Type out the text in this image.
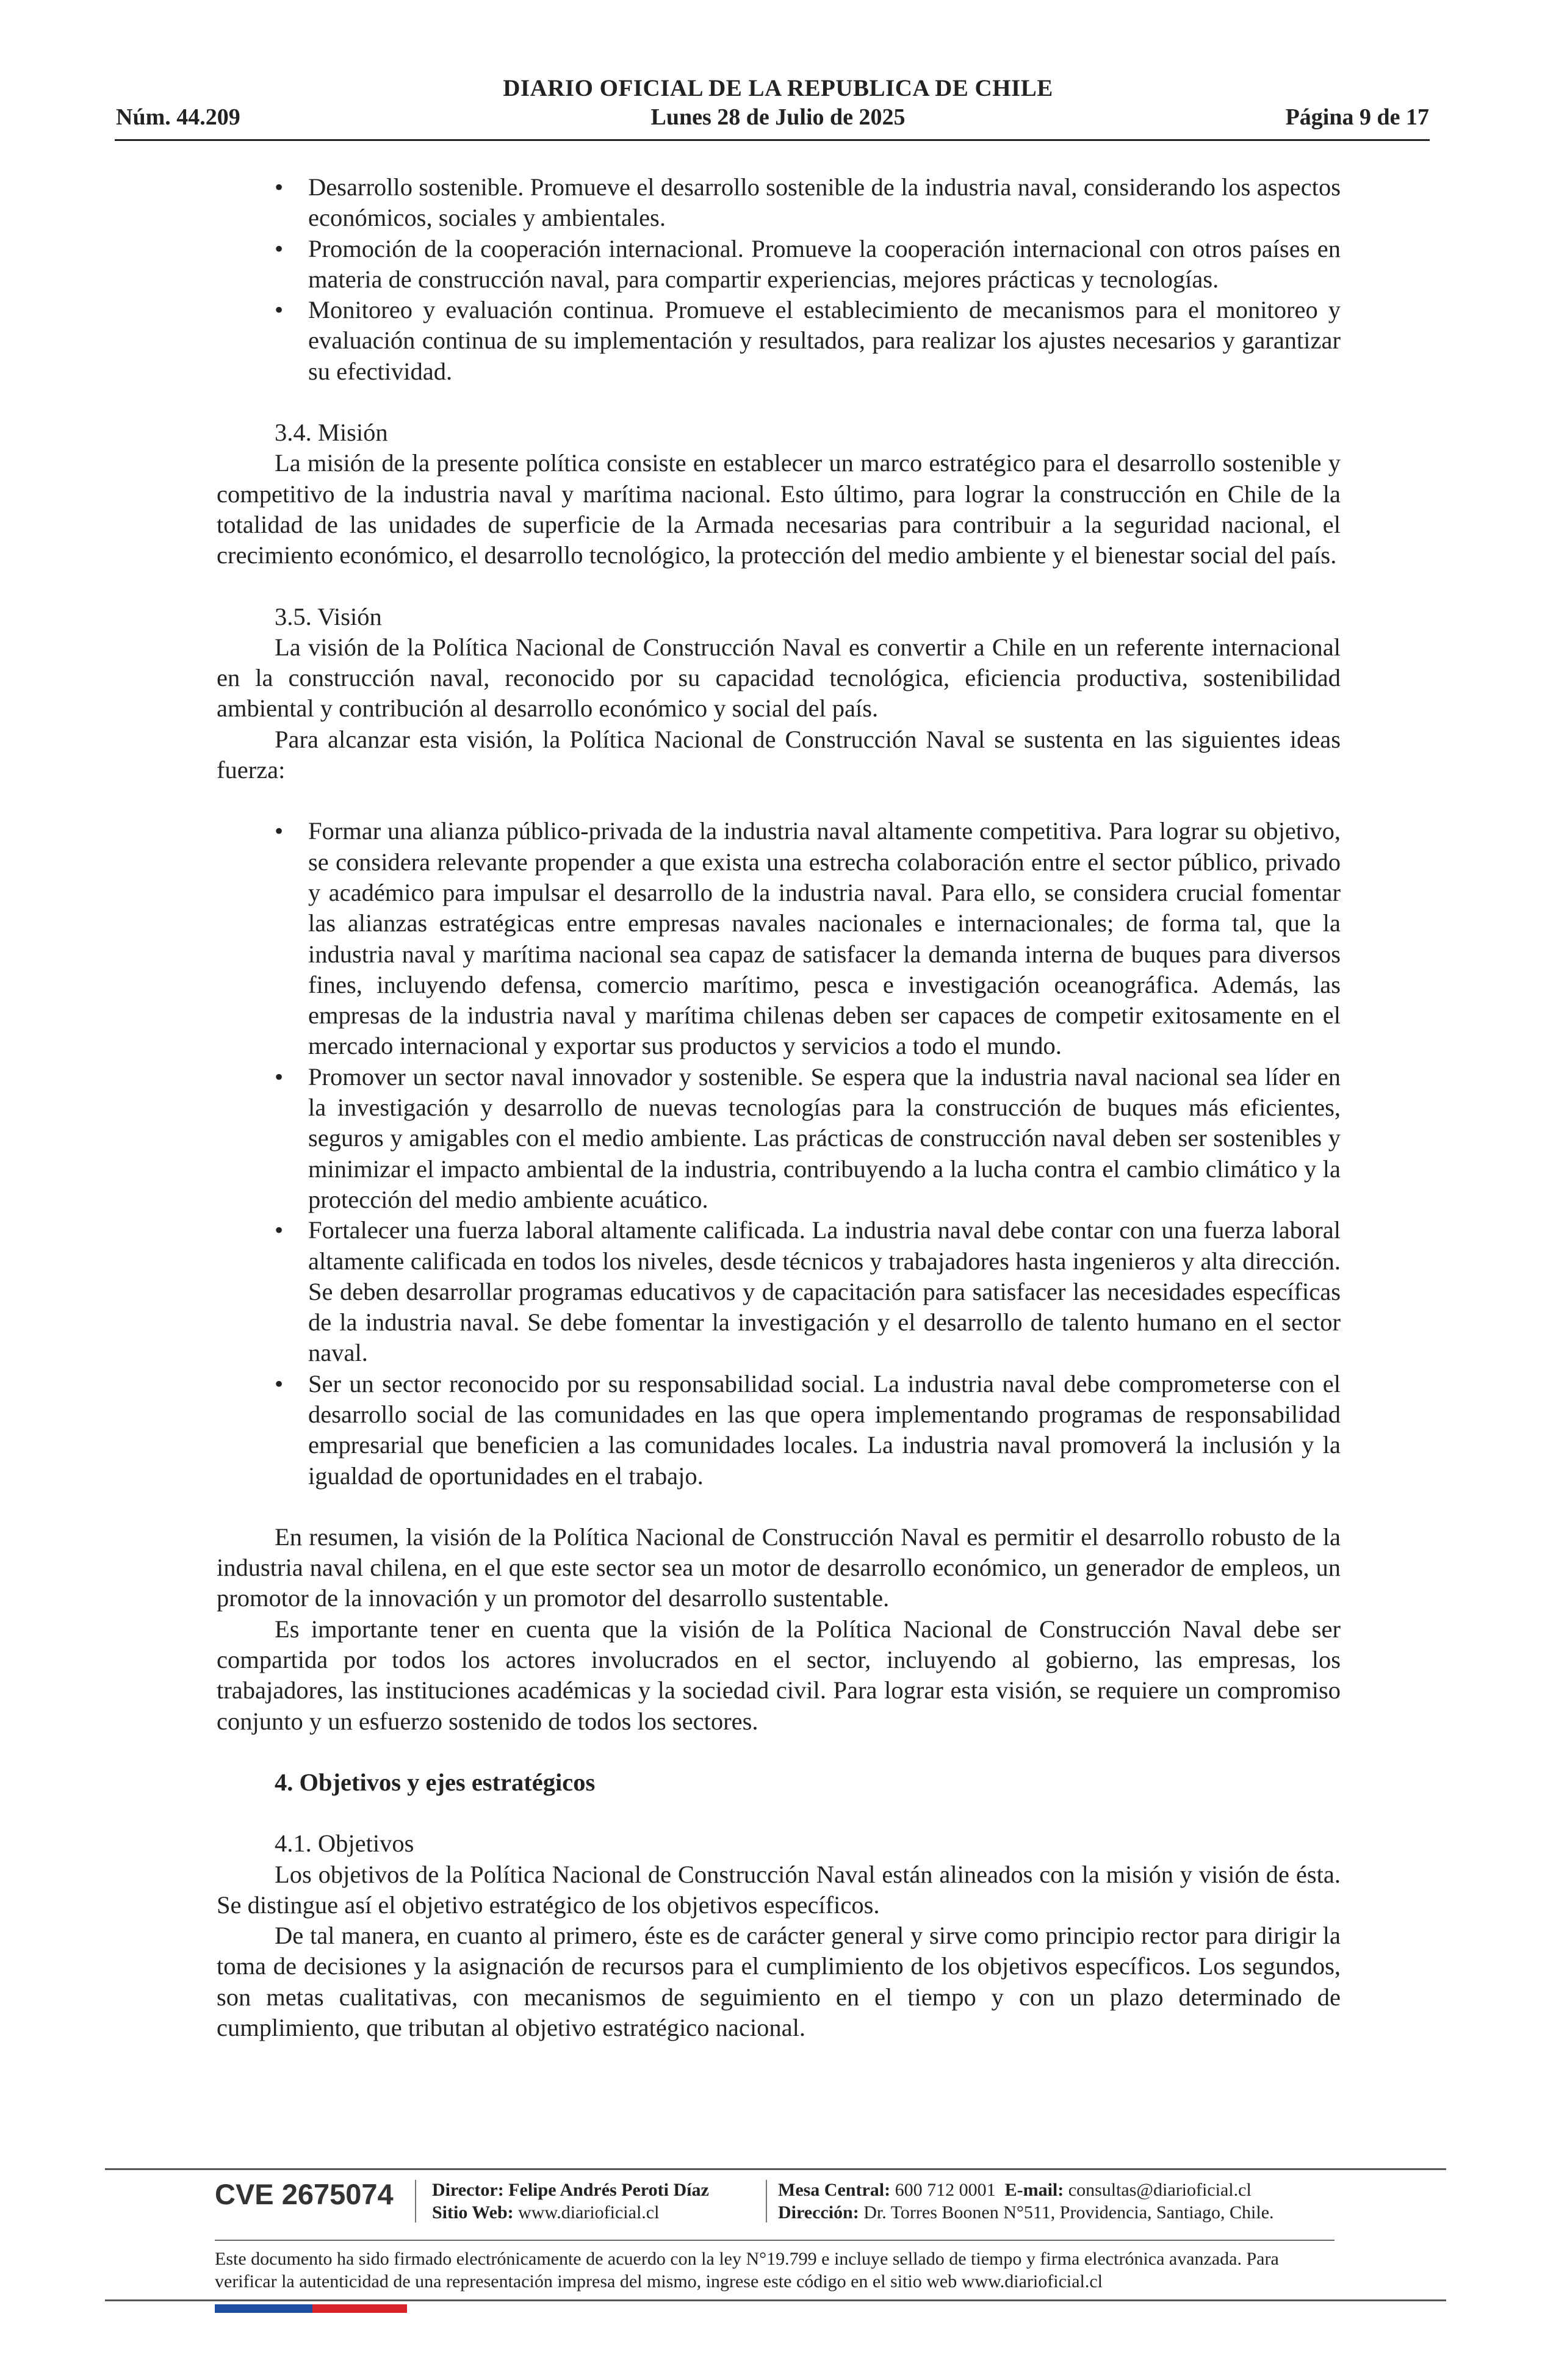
DIARIO OFICIAL DE LA REPUBLICA DE CHILE
Lunes 28 de Julio de 2025
Núm. 44.209	Página 9 de 17
• Desarrollo sostenible. Promueve el desarrollo sostenible de la industria naval, considerando los aspectos económicos, sociales y ambientales.
• Promoción de la cooperación internacional. Promueve la cooperación internacional con otros países en materia de construcción naval, para compartir experiencias, mejores prácticas y tecnologías.
• Monitoreo y evaluación continua. Promueve el establecimiento de mecanismos para el monitoreo y evaluación continua de su implementación y resultados, para realizar los ajustes necesarios y garantizar su efectividad.

3.4. Misión

La misión de la presente política consiste en establecer un marco estratégico para el desarrollo sostenible y competitivo de la industria naval y marítima nacional. Esto último, para lograr la construcción en Chile de la totalidad de las unidades de superficie de la Armada necesarias para contribuir a la seguridad nacional, el crecimiento económico, el desarrollo tecnológico, la protección del medio ambiente y el bienestar social del país.

3.5. Visión

La visión de la Política Nacional de Construcción Naval es convertir a Chile en un referente internacional en la construcción naval, reconocido por su capacidad tecnológica, eficiencia productiva, sostenibilidad ambiental y contribución al desarrollo económico y social del país.

Para alcanzar esta visión, la Política Nacional de Construcción Naval se sustenta en las siguientes ideas fuerza:

• Formar una alianza público-privada de la industria naval altamente competitiva. Para lograr su objetivo, se considera relevante propender a que exista una estrecha colaboración entre el sector público, privado y académico para impulsar el desarrollo de la industria naval. Para ello, se considera crucial fomentar las alianzas estratégicas entre empresas navales nacionales e internacionales; de forma tal, que la industria naval y marítima nacional sea capaz de satisfacer la demanda interna de buques para diversos fines, incluyendo defensa, comercio marítimo, pesca e investigación oceanográfica. Además, las empresas de la industria naval y marítima chilenas deben ser capaces de competir exitosamente en el mercado internacional y exportar sus productos y servicios a todo el mundo.
• Promover un sector naval innovador y sostenible. Se espera que la industria naval nacional sea líder en la investigación y desarrollo de nuevas tecnologías para la construcción de buques más eficientes, seguros y amigables con el medio ambiente. Las prácticas de construcción naval deben ser sostenibles y minimizar el impacto ambiental de la industria, contribuyendo a la lucha contra el cambio climático y la protección del medio ambiente acuático.
• Fortalecer una fuerza laboral altamente calificada. La industria naval debe contar con una fuerza laboral altamente calificada en todos los niveles, desde técnicos y trabajadores hasta ingenieros y alta dirección. Se deben desarrollar programas educativos y de capacitación para satisfacer las necesidades específicas de la industria naval. Se debe fomentar la investigación y el desarrollo de talento humano en el sector naval.
• Ser un sector reconocido por su responsabilidad social. La industria naval debe comprometerse con el desarrollo social de las comunidades en las que opera implementando programas de responsabilidad empresarial que beneficien a las comunidades locales. La industria naval promoverá la inclusión y la igualdad de oportunidades en el trabajo.

En resumen, la visión de la Política Nacional de Construcción Naval es permitir el desarrollo robusto de la industria naval chilena, en el que este sector sea un motor de desarrollo económico, un generador de empleos, un promotor de la innovación y un promotor del desarrollo sustentable.

Es importante tener en cuenta que la visión de la Política Nacional de Construcción Naval debe ser compartida por todos los actores involucrados en el sector, incluyendo al gobierno, las empresas, los trabajadores, las instituciones académicas y la sociedad civil. Para lograr esta visión, se requiere un compromiso conjunto y un esfuerzo sostenido de todos los sectores.

4. Objetivos y ejes estratégicos

4.1. Objetivos

Los objetivos de la Política Nacional de Construcción Naval están alineados con la misión y visión de ésta. Se distingue así el objetivo estratégico de los objetivos específicos.

De tal manera, en cuanto al primero, éste es de carácter general y sirve como principio rector para dirigir la toma de decisiones y la asignación de recursos para el cumplimiento de los objetivos específicos. Los segundos, son metas cualitativas, con mecanismos de seguimiento en el tiempo y con un plazo determinado de cumplimiento, que tributan al objetivo estratégico nacional.

CVE 2675074 Director: Felipe Andrés Peroti Díaz
Sitio Web: www.diarioficial.cl
Mesa Central: 600 712 0001 E-mail: consultas@diarioficial.cl
Dirección: Dr. Torres Boonen N°511, Providencia, Santiago, Chile.
Este documento ha sido firmado electrónicamente de acuerdo con la ley N°19.799 e incluye sellado de tiempo y firma electrónica avanzada. Para verificar la autenticidad de una representación impresa del mismo, ingrese este código en el sitio web www.diarioficial.cl
